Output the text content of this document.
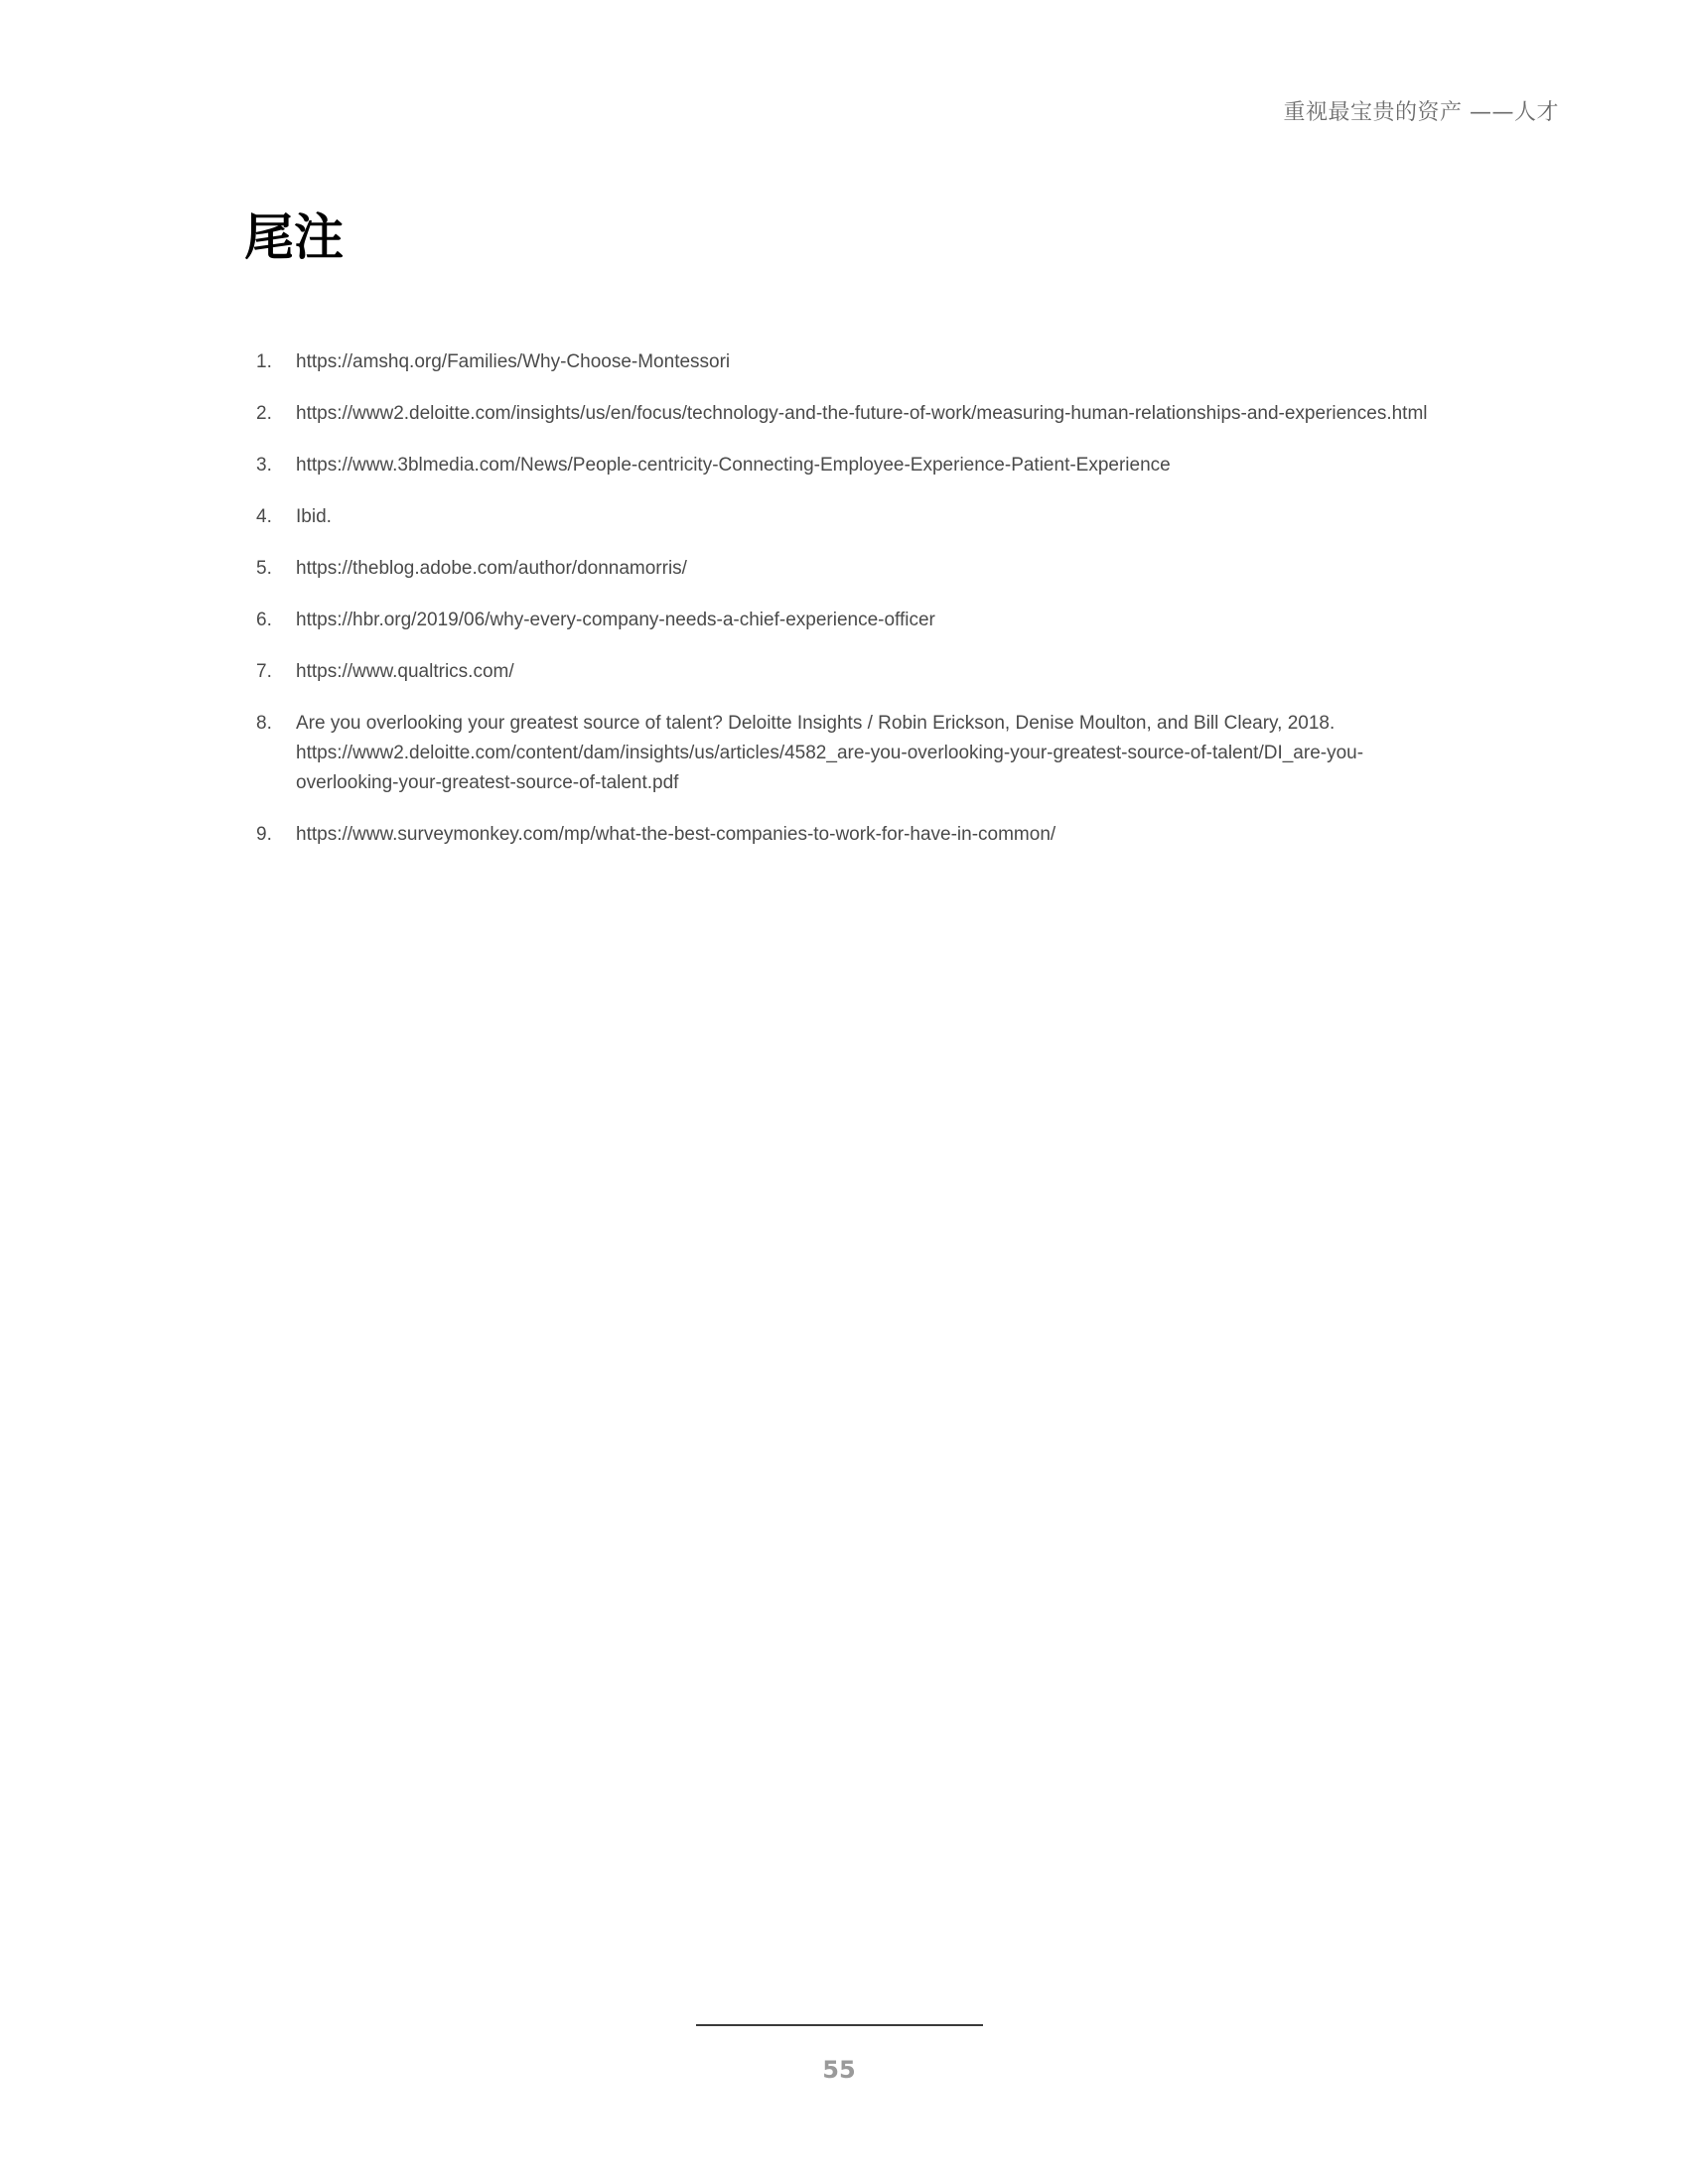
重视最宝贵的资产 ——人才
尾注
1. https://amshq.org/Families/Why-Choose-Montessori
2. https://www2.deloitte.com/insights/us/en/focus/technology-and-the-future-of-work/measuring-human-relationships-and-experiences.html
3. https://www.3blmedia.com/News/People-centricity-Connecting-Employee-Experience-Patient-Experience
4. Ibid.
5. https://theblog.adobe.com/author/donnamorris/
6. https://hbr.org/2019/06/why-every-company-needs-a-chief-experience-officer
7. https://www.qualtrics.com/
8. Are you overlooking your greatest source of talent? Deloitte Insights / Robin Erickson, Denise Moulton, and Bill Cleary, 2018. https://www2.deloitte.com/content/dam/insights/us/articles/4582_are-you-overlooking-your-greatest-source-of-talent/DI_are-you-overlooking-your-greatest-source-of-talent.pdf
9. https://www.surveymonkey.com/mp/what-the-best-companies-to-work-for-have-in-common/
55
